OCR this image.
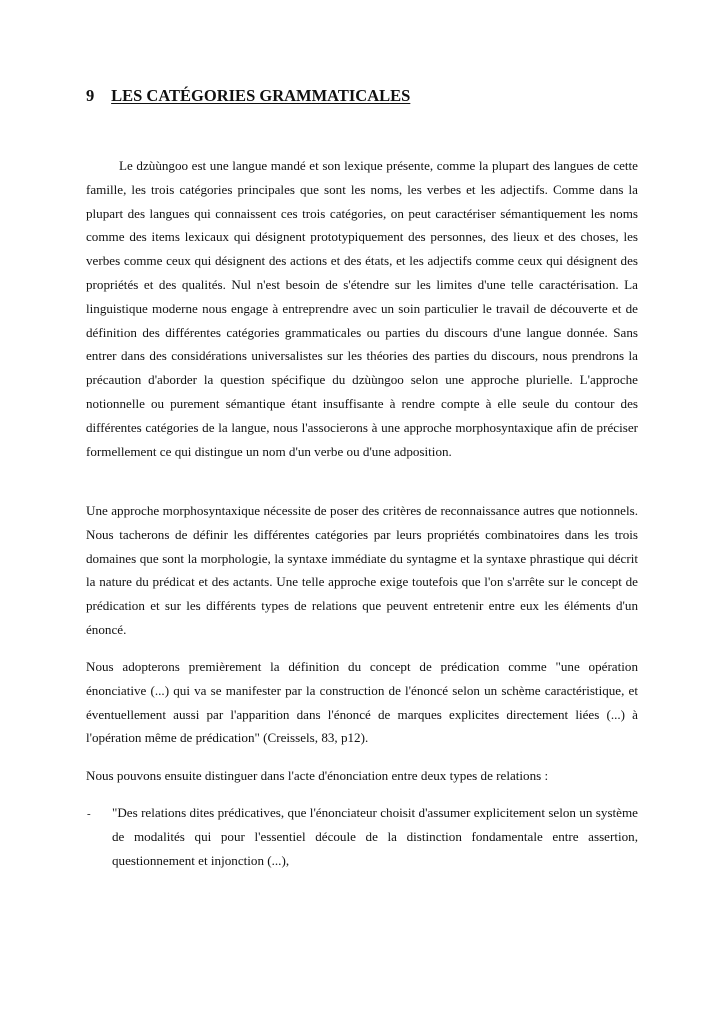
9 LES CATÉGORIES GRAMMATICALES

Le dzùùngoo est une langue mandé et son lexique présente, comme la plupart des langues de cette famille, les trois catégories principales que sont les noms, les verbes et les adjectifs. Comme dans la plupart des langues qui connaissent ces trois catégories, on peut caractériser sémantiquement les noms comme des items lexicaux qui désignent prototypiquement des personnes, des lieux et des choses, les verbes comme ceux qui désignent des actions et des états, et les adjectifs comme ceux qui désignent des propriétés et des qualités. Nul n'est besoin de s'étendre sur les limites d'une telle caractérisation. La linguistique moderne nous engage à entreprendre avec un soin particulier le travail de découverte et de définition des différentes catégories grammaticales ou parties du discours d'une langue donnée. Sans entrer dans des considérations universalistes sur les théories des parties du discours, nous prendrons la précaution d'aborder la question spécifique du dzùùngoo selon une approche plurielle. L'approche notionnelle ou purement sémantique étant insuffisante à rendre compte à elle seule du contour des différentes catégories de la langue, nous l'associerons à une approche morphosyntaxique afin de préciser formellement ce qui distingue un nom d'un verbe ou d'une adposition.

Une approche morphosyntaxique nécessite de poser des critères de reconnaissance autres que notionnels. Nous tacherons de définir les différentes catégories par leurs propriétés combinatoires dans les trois domaines que sont la morphologie, la syntaxe immédiate du syntagme et la syntaxe phrastique qui décrit la nature du prédicat et des actants. Une telle approche exige toutefois que l'on s'arrête sur le concept de prédication et sur les différents types de relations que peuvent entretenir entre eux les éléments d'un énoncé.

Nous adopterons premièrement la définition du concept de prédication comme "une opération énonciative (...) qui va se manifester par la construction de l'énoncé selon un schème caractéristique, et éventuellement aussi par l'apparition dans l'énoncé de marques explicites directement liées (...) à l'opération même de prédication" (Creissels, 83, p12).

Nous pouvons ensuite distinguer dans l'acte d'énonciation entre deux types de relations :

- "Des relations dites prédicatives, que l'énonciateur choisit d'assumer explicitement selon un système de modalités qui pour l'essentiel découle de la distinction fondamentale entre assertion, questionnement et injonction (...),
